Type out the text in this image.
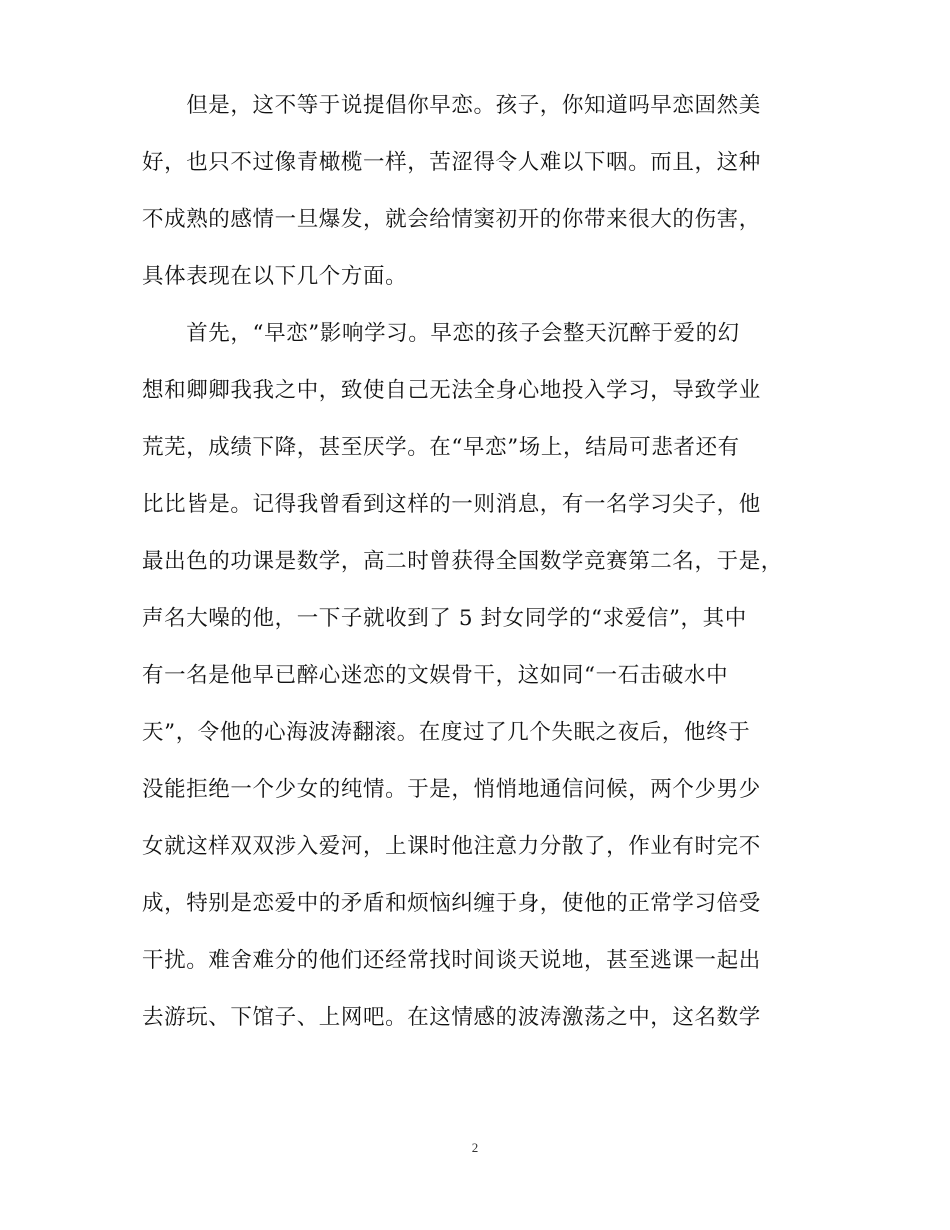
　　但是，这不等于说提倡你早恋。孩子，你知道吗早恋固然美
好，也只不过像青橄榄一样，苦涩得令人难以下咽。而且，这种
不成熟的感情一旦爆发，就会给情窦初开的你带来很大的伤害，
具体表现在以下几个方面。
　　首先，“早恋”影响学习。早恋的孩子会整天沉醉于爱的幻
想和卿卿我我之中，致使自己无法全身心地投入学习，导致学业
荒芜，成绩下降，甚至厌学。在“早恋”场上，结局可悲者还有
比比皆是。记得我曾看到这样的一则消息，有一名学习尖子，他
最出色的功课是数学，高二时曾获得全国数学竞赛第二名，于是，
声名大噪的他，一下子就收到了 5 封女同学的“求爱信”，其中
有一名是他早已醉心迷恋的文娱骨干，这如同“一石击破水中
天”，令他的心海波涛翻滚。在度过了几个失眠之夜后，他终于
没能拒绝一个少女的纯情。于是，悄悄地通信问候，两个少男少
女就这样双双涉入爱河，上课时他注意力分散了，作业有时完不
成，特别是恋爱中的矛盾和烦恼纠缠于身，使他的正常学习倍受
干扰。难舍难分的他们还经常找时间谈天说地，甚至逃课一起出
去游玩、下馆子、上网吧。在这情感的波涛激荡之中，这名数学
2
